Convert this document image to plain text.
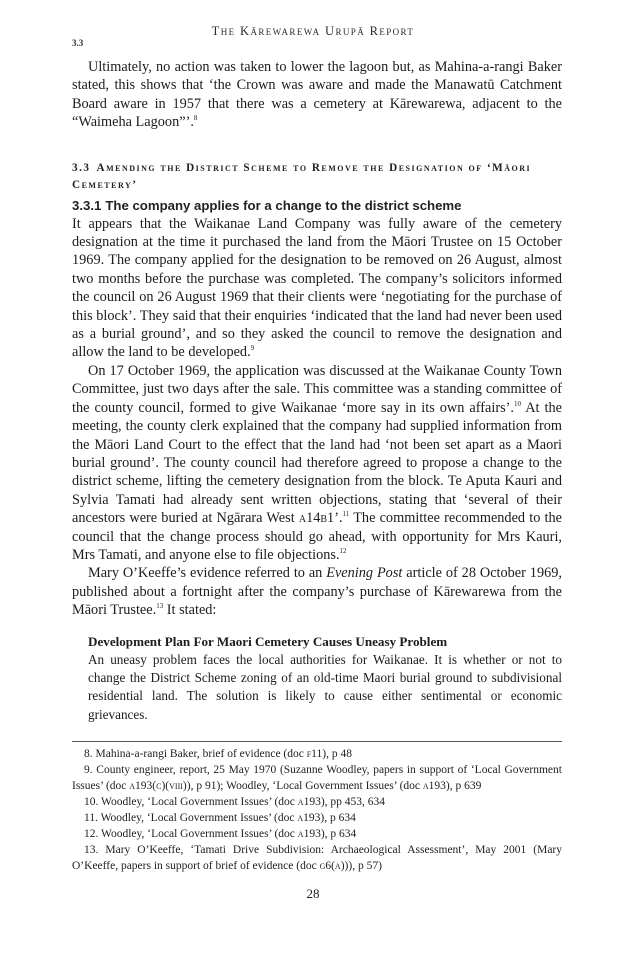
The Kārewarewa Urupā Report
3.3

Ultimately, no action was taken to lower the lagoon but, as Mahina-a-rangi Baker stated, this shows that ‘the Crown was aware and made the Manawatū Catchment Board aware in 1957 that there was a cemetery at Kārewarewa, adjacent to the “Waimeha Lagoon”’.$^8$

3.3 Amending the District Scheme to Remove the Designation of ‘Māori Cemetery’
3.3.1 The company applies for a change to the district scheme

It appears that the Waikanae Land Company was fully aware of the cemetery designation at the time it purchased the land from the Māori Trustee on 15 October 1969. The company applied for the designation to be removed on 26 August, almost two months before the purchase was completed. The company’s solicitors informed the council on 26 August 1969 that their clients were ‘negotiating for the purchase of this block’. They said that their enquiries ‘indicated that the land had never been used as a burial ground’, and so they asked the council to remove the designation and allow the land to be developed.$^9$

On 17 October 1969, the application was discussed at the Waikanae County Town Committee, just two days after the sale. This committee was a standing committee of the county council, formed to give Waikanae ‘more say in its own affairs’.$^{10}$ At the meeting, the county clerk explained that the company had supplied information from the Māori Land Court to the effect that the land had ‘not been set apart as a Maori burial ground’. The county council had therefore agreed to propose a change to the district scheme, lifting the cemetery designation from the block. Te Aputa Kauri and Sylvia Tamati had already sent written objections, stating that ‘several of their ancestors were buried at Ngārara West a14b1’.$^{11}$ The committee recommended to the council that the change process should go ahead, with opportunity for Mrs Kauri, Mrs Tamati, and anyone else to file objections.$^{12}$

Mary O’Keeffe’s evidence referred to an Evening Post article of 28 October 1969, published about a fortnight after the company’s purchase of Kārewarewa from the Māori Trustee.$^{13}$ It stated:

Development Plan For Maori Cemetery Causes Uneasy Problem
An uneasy problem faces the local authorities for Waikanae. It is whether or not to change the District Scheme zoning of an old-time Maori burial ground to subdivisional residential land. The solution is likely to cause either sentimental or economic grievances.
8. Mahina-a-rangi Baker, brief of evidence (doc f11), p 48
9. County engineer, report, 25 May 1970 (Suzanne Woodley, papers in support of ‘Local Government Issues’ (doc a193(c)(viii)), p 91); Woodley, ‘Local Government Issues’ (doc a193), p 639
10. Woodley, ‘Local Government Issues’ (doc a193), pp 453, 634
11. Woodley, ‘Local Government Issues’ (doc a193), p 634
12. Woodley, ‘Local Government Issues’ (doc a193), p 634
13. Mary O’Keeffe, ‘Tamati Drive Subdivision: Archaeological Assessment’, May 2001 (Mary O’Keeffe, papers in support of brief of evidence (doc g6(a))), p 57)
28
